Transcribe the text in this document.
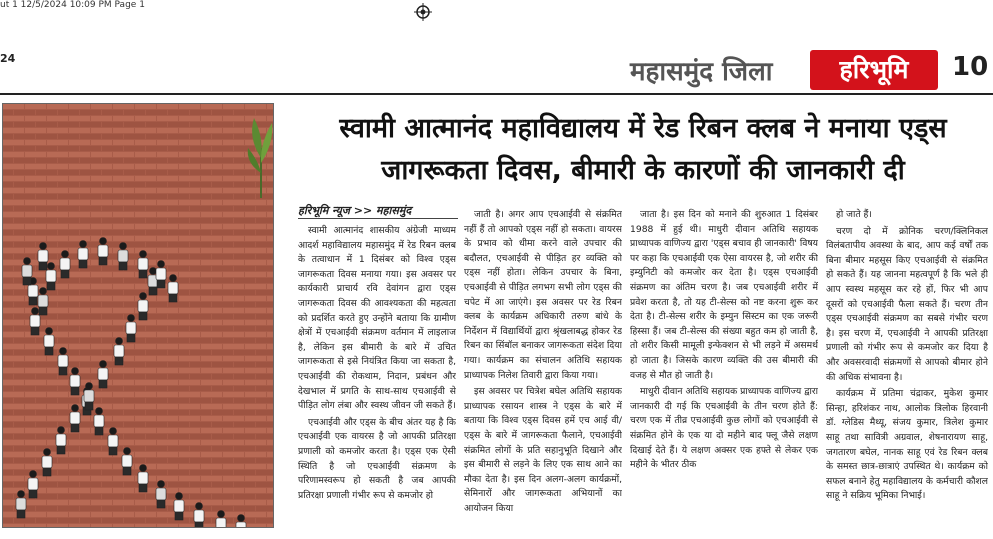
ut 1 12/5/2024 10:09 PM Page 1
24	महासमुंद जिला	हरिभूमि	10
स्वामी आत्मानंद महाविद्यालय में रेड रिबन क्लब ने मनाया एड्स जागरूकता दिवस, बीमारी के कारणों की जानकारी दी
हरिभूमि न्यूज >> महासमुंद

स्वामी आत्मानंद शासकीय अंग्रेजी माध्यम आदर्श महाविद्यालय महासमुंद में रेड रिबन क्लब के तत्वाधान में 1 दिसंबर को विश्व एड्स जागरूकता दिवस मनाया गया। इस अवसर पर कार्यकारी प्राचार्य रवि देवांगन द्वारा एड्स जागरूकता दिवस की आवश्यकता की महत्वता को प्रदर्शित करते हुए उन्होंने बताया कि ग्रामीण क्षेत्रों में एचआईवी संक्रमण वर्तमान में लाइलाज है, लेकिन इस बीमारी के बारे में उचित जागरूकता से इसे नियंत्रित किया जा सकता है, एचआईवी की रोकथाम, निदान, प्रबंधन और देखभाल में प्रगति के साथ-साथ एचआईवी से पीड़ित लोग लंबा और स्वस्थ जीवन जी सकते हैं।

एचआईवी और एड्स के बीच अंतर यह है कि एचआईवी एक वायरस है जो आपकी प्रतिरक्षा प्रणाली को कमजोर करता है। एड्स एक ऐसी स्थिति है जो एचआईवी संक्रमण के परिणामस्वरूप हो सकती है जब आपकी प्रतिरक्षा प्रणाली गंभीर रूप से कमजोर हो

जाती है। अगर आप एचआईवी से संक्रमित नहीं हैं तो आपको एड्स नहीं हो सकता। वायरस के प्रभाव को धीमा करने वाले उपचार की बदौलत, एचआईवी से पीड़ित हर व्यक्ति को एड्स नहीं होता। लेकिन उपचार के बिना, एचआईवी से पीड़ित लगभग सभी लोग एड्स की चपेट में आ जाएंगे। इस अवसर पर रेड रिबन क्लब के कार्यक्रम अधिकारी तरुण बांधे के निर्देशन में विद्यार्थियों द्वारा श्रृंखलाबद्ध होकर रेड रिबन का सिंबॉल बनाकर जागरूकता संदेश दिया गया। कार्यक्रम का संचालन अतिथि सहायक प्राध्यापक निलेश तिवारी द्वारा किया गया।

इस अवसर पर चित्रेश बघेल अतिथि सहायक प्राध्यापक रसायन शास्त्र ने एड्स के बारे में बताया कि विश्व एड्स दिवस हमें एच आई वी/एड्स के बारे में जागरूकता फैलाने, एचआईवी संक्रमित लोगों के प्रति सहानुभूति दिखाने और इस बीमारी से लड़ने के लिए एक साथ आने का मौका देता है। इस दिन अलग-अलग कार्यक्रमों, सेमिनारों और जागरूकता अभियानों का आयोजन किया

जाता है। इस दिन को मनाने की शुरुआत 1 दिसंबर 1988 में हुई थी। माधुरी दीवान अतिथि सहायक प्राध्यापक वाणिज्य द्वारा 'एड्स बचाव ही जानकारी' विषय पर कहा कि एचआईवी एक ऐसा वायरस है, जो शरीर की इम्युनिटी को कमजोर कर देता है। एड्स एचआईवी संक्रमण का अंतिम चरण है। जब एचआईवी शरीर में प्रवेश करता है, तो यह टी-सेल्स को नष्ट करना शुरू कर देता है। टी-सेल्स शरीर के इम्युन सिस्टम का एक जरूरी हिस्सा हैं। जब टी-सेल्स की संख्या बहुत कम हो जाती है, तो शरीर किसी मामूली इन्फेक्शन से भी लड़ने में असमर्थ हो जाता है। जिसके कारण व्यक्ति की उस बीमारी की वजह से मौत हो जाती है।

माधुरी दीवान अतिथि सहायक प्राध्यापक वाणिज्य द्वारा जानकारी दी गई कि एचआईवी के तीन चरण होते हैं: चरण एक में तीव्र एचआईवी कुछ लोगों को एचआईवी से संक्रमित होने के एक या दो महीने बाद फ्लू जैसे लक्षण दिखाई देते हैं। ये लक्षण अक्सर एक हफ्ते से लेकर एक महीने के भीतर ठीक

हो जाते हैं।

चरण दो में क्रोनिक चरण/क्लिनिकल विलंबतापीय अवस्था के बाद, आप कई वर्षों तक बिना बीमार महसूस किए एचआईवी से संक्रमित हो सकते हैं। यह जानना महत्वपूर्ण है कि भले ही आप स्वस्थ महसूस कर रहे हों, फिर भी आप दूसरों को एचआईवी फैला सकते हैं। चरण तीन एड्स एचआईवी संक्रमण का सबसे गंभीर चरण है। इस चरण में, एचआईवी ने आपकी प्रतिरक्षा प्रणाली को गंभीर रूप से कमजोर कर दिया है और अवसरवादी संक्रमणों से आपको बीमार होने की अधिक संभावना है।

कार्यक्रम में प्रतिमा चंद्राकर, मुकेश कुमार सिन्हा, हरिशंकर नाथ, आलोक त्रिलोक हिरवानी डॉ. ग्लेडिस मैथ्यू, संजय कुमार, त्रिलेश कुमार साहू तथा सावित्री अग्रवाल, शेषनारायण साहू, जगतारण बघेल, नानक साहू एवं रेड रिबन क्लब के समस्त छात्र-छात्राएं उपस्थित थे। कार्यक्रम को सफल बनाने हेतु महाविद्यालय के कर्मचारी कौशल साहू ने सक्रिय भूमिका निभाई।
